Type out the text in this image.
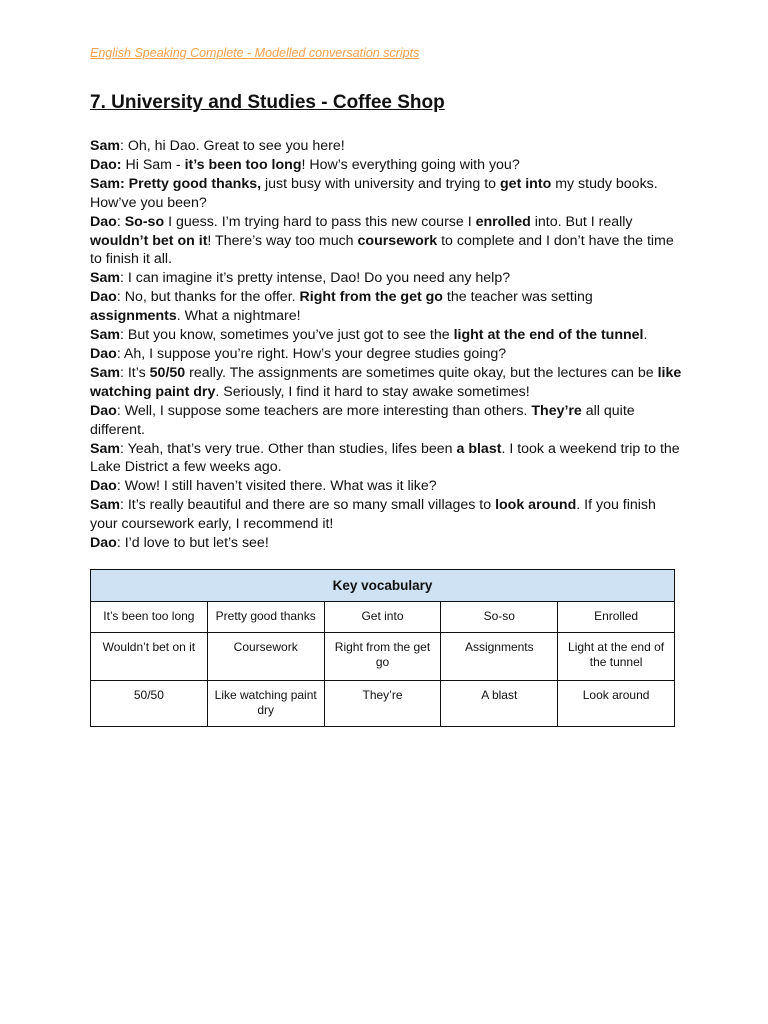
English Speaking Complete - Modelled conversation scripts
7. University and Studies - Coffee Shop

Sam: Oh, hi Dao. Great to see you here!

Dao: Hi Sam - it’s been too long! How’s everything going with you?

Sam: Pretty good thanks, just busy with university and trying to get into my study books. How’ve you been?

Dao: So-so I guess. I’m trying hard to pass this new course I enrolled into. But I really wouldn’t bet on it! There’s way too much coursework to complete and I don’t have the time to finish it all.

Sam: I can imagine it’s pretty intense, Dao! Do you need any help?

Dao: No, but thanks for the offer. Right from the get go the teacher was setting assignments. What a nightmare!

Sam: But you know, sometimes you’ve just got to see the light at the end of the tunnel.

Dao: Ah, I suppose you’re right. How’s your degree studies going?

Sam: It’s 50/50 really. The assignments are sometimes quite okay, but the lectures can be like watching paint dry. Seriously, I find it hard to stay awake sometimes!

Dao: Well, I suppose some teachers are more interesting than others. They’re all quite different.

Sam: Yeah, that’s very true. Other than studies, lifes been a blast. I took a weekend trip to the Lake District a few weeks ago.

Dao: Wow! I still haven’t visited there. What was it like?

Sam: It’s really beautiful and there are so many small villages to look around. If you finish your coursework early, I recommend it!

Dao: I’d love to but let’s see!

Key vocabulary				
It’s been too long	Pretty good thanks	Get into	So-so	Enrolled
Wouldn’t bet on it	Coursework	Right from the get go	Assignments	Light at the end of the tunnel
50/50	Like watching paint dry	They’re	A blast	Look around
